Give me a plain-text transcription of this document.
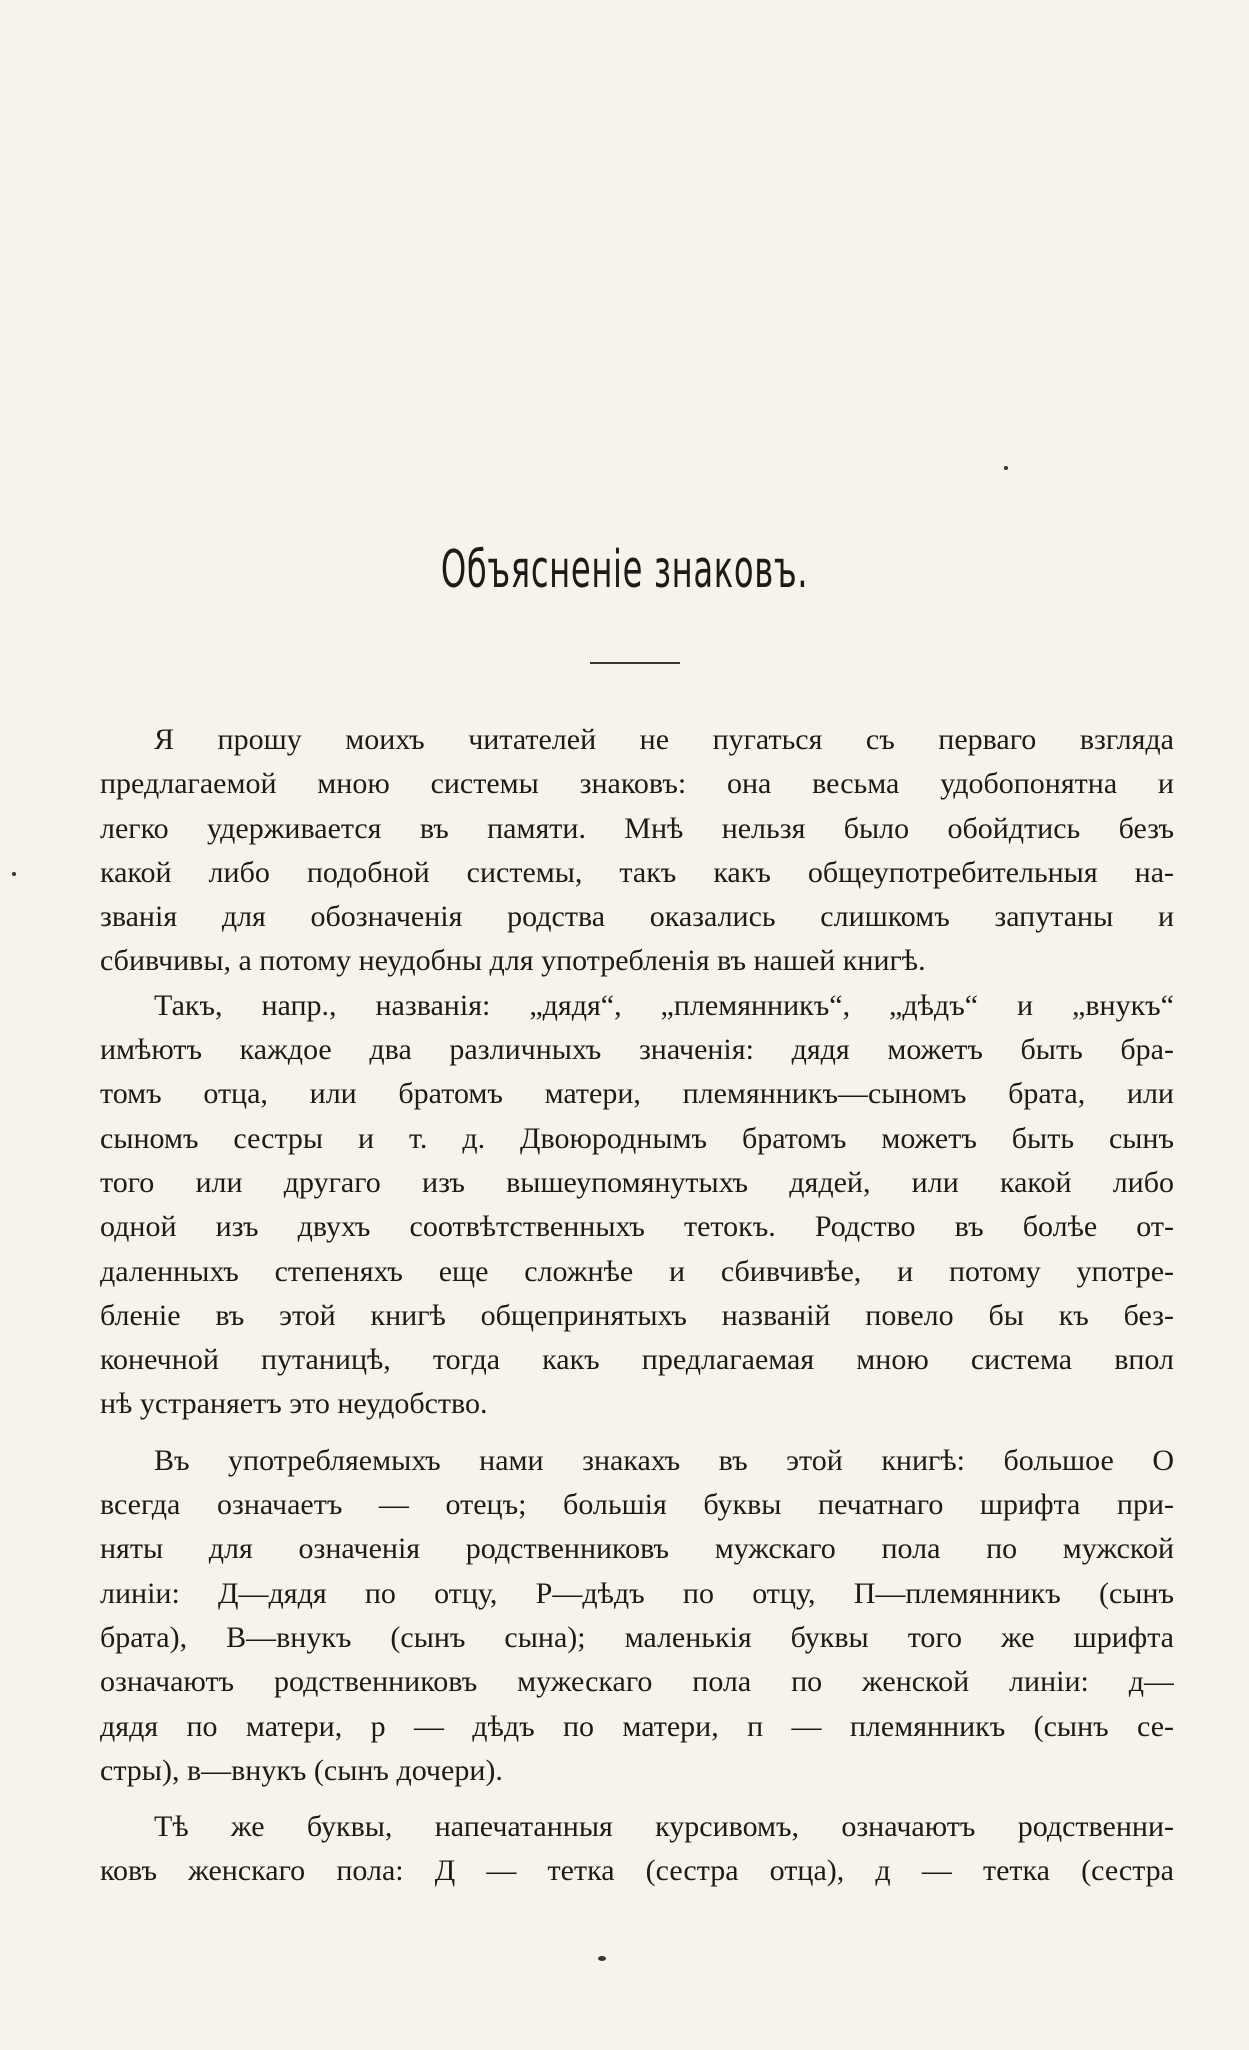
Объясненіе знаковъ.
Я прошу моихъ читателей не пугаться съ перваго взгляда
предлагаемой мною системы знаковъ: она весьма удобопонятна и
легко удерживается въ памяти. Мнѣ нельзя было обойдтись безъ
какой либо подобной системы, такъ какъ общеупотребительныя на-
званія для обозначенія родства оказались слишкомъ запутаны и
сбивчивы, а потому неудобны для употребленія въ нашей книгѣ.
Такъ, напр., названія: „дядя“, „племянникъ“, „дѣдъ“ и „внукъ“
имѣютъ каждое два различныхъ значенія: дядя можетъ быть бра-
томъ отца, или братомъ матери, племянникъ—сыномъ брата, или
сыномъ сестры и т. д. Двоюроднымъ братомъ можетъ быть сынъ
того или другаго изъ вышеупомянутыхъ дядей, или какой либо
одной изъ двухъ соотвѣтственныхъ тетокъ. Родство въ болѣе от-
даленныхъ степеняхъ еще сложнѣе и сбивчивѣе, и потому употре-
бленіе въ этой книгѣ общепринятыхъ названій повело бы къ без-
конечной путаницѣ, тогда какъ предлагаемая мною система впол
нѣ устраняетъ это неудобство.
Въ употребляемыхъ нами знакахъ въ этой книгѣ: большое О
всегда означаетъ — отецъ; большія буквы печатнаго шрифта при-
няты для означенія родственниковъ мужскаго пола по мужской
линіи: Д—дядя по отцу, Р—дѣдъ по отцу, П—племянникъ (сынъ
брата), В—внукъ (сынъ сына); маленькія буквы того же шрифта
означаютъ родственниковъ мужескаго пола по женской линіи: д—
дядя по матери, р — дѣдъ по матери, п — племянникъ (сынъ се-
стры), в—внукъ (сынъ дочери).
Тѣ же буквы, напечатанныя курсивомъ, означаютъ родственни-
ковъ женскаго пола: Д — тетка (сестра отца), д — тетка (сестра
